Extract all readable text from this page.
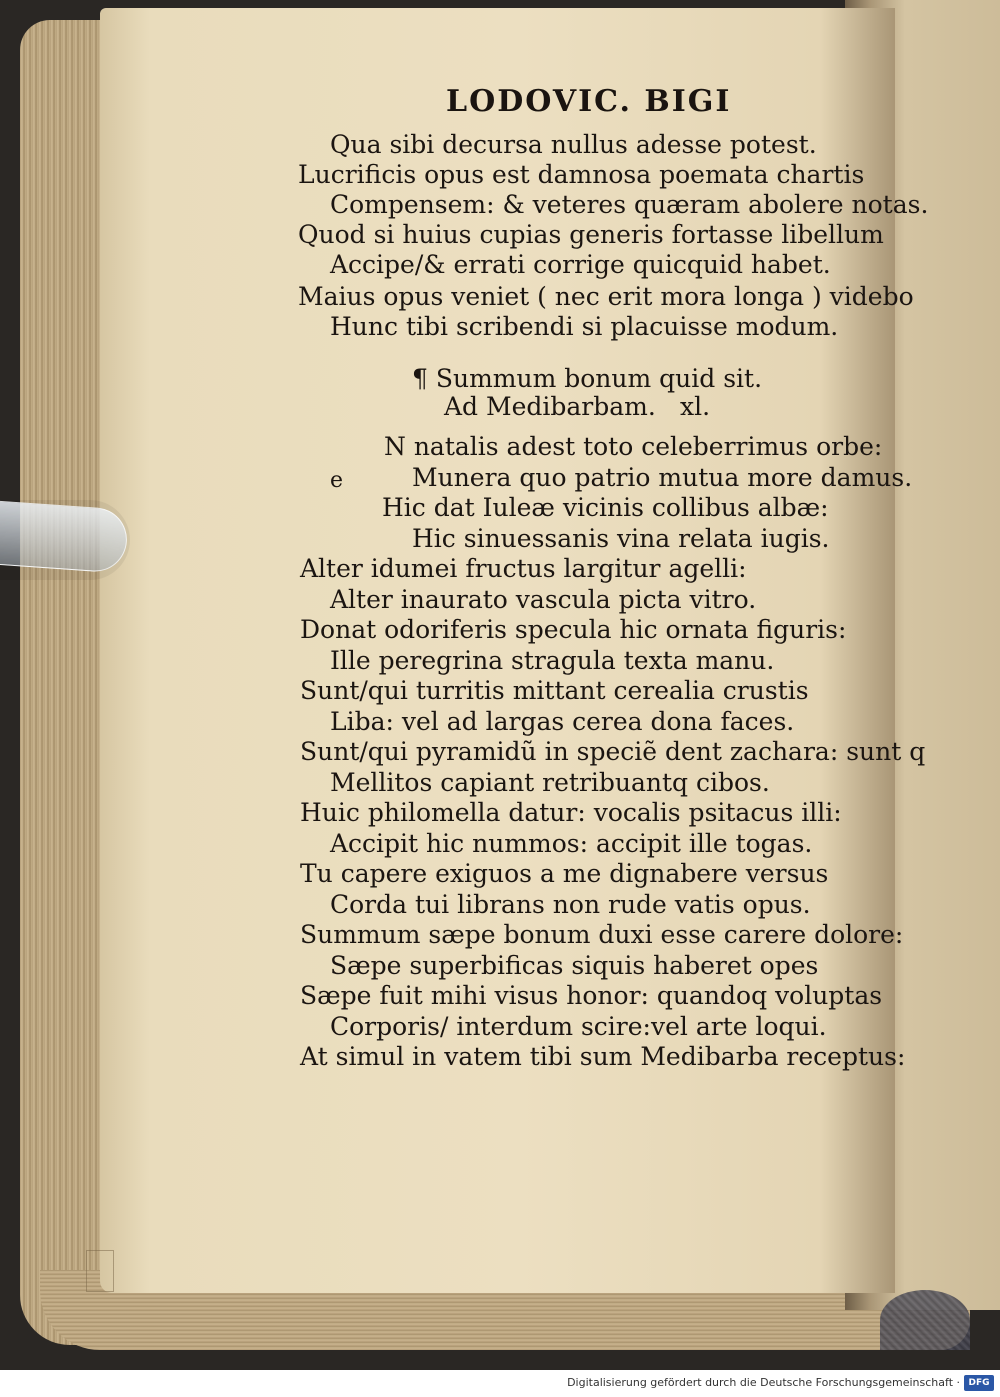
LODOVIC. BIGI
Qua sibi decursa nullus adesse potest.
Lucrificis opus est damnosa poemata chartis
Compensem: & veteres quæram abolere notas.
Quod si huius cupias generis fortasse libellum
Accipe/& errati corrige quicquid habet.
Maius opus veniet ( nec erit mora longa ) videbo
Hunc tibi scribendi si placuisse modum.
¶ Summum bonum quid sit.
Ad Medibarbam. xl.
e
N natalis adest toto celeberrimus orbe:
Munera quo patrio mutua more damus.
Hic dat Iuleæ vicinis collibus albæ:
Hic sinuessanis vina relata iugis.
Alter idumei fructus largitur agelli:
Alter inaurato vascula picta vitro.
Donat odoriferis specula hic ornata figuris:
Ille peregrina stragula texta manu.
Sunt/qui turritis mittant cerealia crustis
Liba: vel ad largas cerea dona faces.
Sunt/qui pyramidũ in speciẽ dent zachara: sunt q
Mellitos capiant retribuantq cibos.
Huic philomella datur: vocalis psitacus illi:
Accipit hic nummos: accipit ille togas.
Tu capere exiguos a me dignabere versus
Corda tui librans non rude vatis opus.
Summum sæpe bonum duxi esse carere dolore:
Sæpe superbificas siquis haberet opes
Sæpe fuit mihi visus honor: quandoq voluptas
Corporis/ interdum scire:vel arte loqui.
At simul in vatem tibi sum Medibarba receptus:
Digitalisierung gefördert durch die Deutsche Forschungsgemeinschaft · DFG
